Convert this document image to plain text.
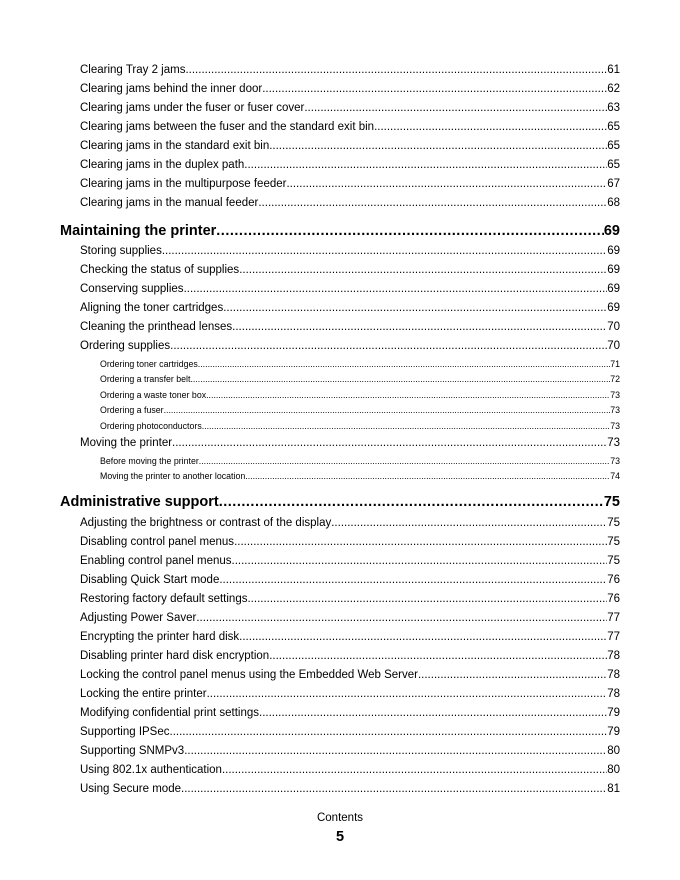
Clearing Tray 2 jams .....	61
Clearing jams behind the inner door .....	62
Clearing jams under the fuser or fuser cover .....	63
Clearing jams between the fuser and the standard exit bin .....	65
Clearing jams in the standard exit bin .....	65
Clearing jams in the duplex path .....	65
Clearing jams in the multipurpose feeder .....	67
Clearing jams in the manual feeder .....	68
Maintaining the printer .....	69
Storing supplies .....	69
Checking the status of supplies .....	69
Conserving supplies .....	69
Aligning the toner cartridges .....	69
Cleaning the printhead lenses .....	70
Ordering supplies .....	70
Ordering toner cartridges .....	71
Ordering a transfer belt .....	72
Ordering a waste toner box .....	73
Ordering a fuser .....	73
Ordering photoconductors .....	73
Moving the printer .....	73
Before moving the printer .....	73
Moving the printer to another location .....	74
Administrative support .....	75
Adjusting the brightness or contrast of the display .....	75
Disabling control panel menus .....	75
Enabling control panel menus .....	75
Disabling Quick Start mode .....	76
Restoring factory default settings .....	76
Adjusting Power Saver .....	77
Encrypting the printer hard disk .....	77
Disabling printer hard disk encryption .....	78
Locking the control panel menus using the Embedded Web Server .....	78
Locking the entire printer .....	78
Modifying confidential print settings .....	79
Supporting IPSec .....	79
Supporting SNMPv3 .....	80
Using 802.1x authentication .....	80
Using Secure mode .....	81
Contents
5
